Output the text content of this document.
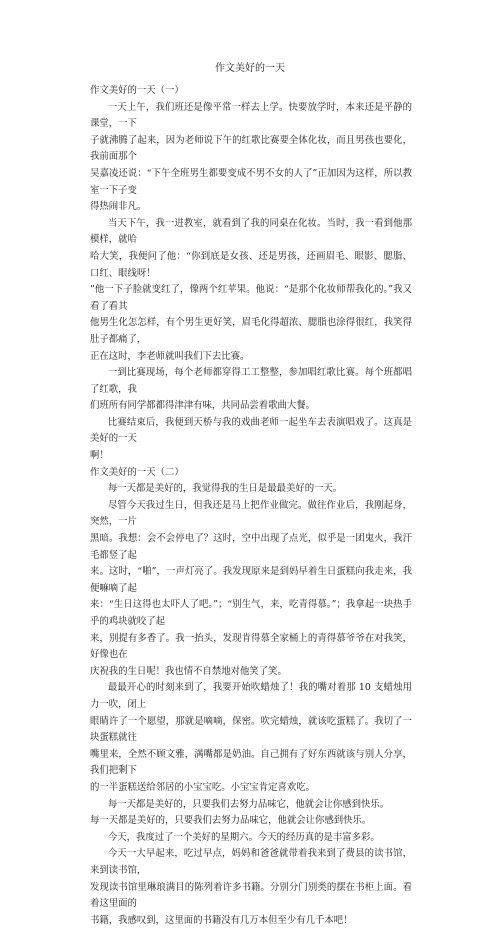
作文美好的一天
作文美好的一天（一）

一天上午，我们班还是像平常一样去上学。快要放学时，本来还是平静的课堂，一下
子就沸腾了起来，因为老师说下午的红歌比赛要全体化妆，而且男孩也要化，我前面那个
吴嘉凌还说：“下午全班男生都要变成不男不女的人了”正加因为这样，所以教室一下子变
得热闹非凡。

当天下午，我一进教室，就看到了我的同桌在化妆。当时，我一看到他那模样，就哈
哈大笑，我便问了他：“你到底是女孩、还是男孩，还画眉毛、眼影、腮脂、口红、眼线呀！
”他一下子脸就变红了，像两个红苹果。他说：“是那个化妆师帮我化的。”我又看了看其
他男生化怎怎样，有个男生更好笑，眉毛化得超浓、腮脂也涂得很红，我笑得肚子都痛了，
正在这时，李老师就叫我们下去比赛。

一到比赛现场，每个老师都穿得工工整整，参加唱红歌比赛。每个班都唱了红歌，我
们班所有同学都都得津津有味，共同品尝着歌曲大餐。

比赛结束后，我便到天桥与我的戏曲老师一起坐车去表演唱戏了。这真是美好的一天
啊！

作文美好的一天（二）

每一天都是美好的，我觉得我的生日是最最美好的一天。

尽管今天我过生日，但我还是马上把作业做完。做往作业后，我刚起身，突然，一片
黑暗。我想：会不会停电了？这时，空中出现了点光，似乎是一团鬼火，我汗毛都竖了起
来。这时，“啪”，一声灯亮了。我发现原来是到妈早着生日蛋糕向我走来，我便嘛嘀了起
来：“生日这得也太吓人了吧。”；“别生气，来，吃青得慕。”；我拿起一块热手乎的鸡块就咬了起
来，别提有多香了。我一抬头，发现肯得慕全家桶上的青得慕爷爷在对我笑，好像也在
庆祝我的生日呢！我也情不自禁地对他笑了笑。

最最开心的时刻来到了，我要开始吹蜡烛了！我的嘴对着那 10 支蜡烛用力一吹，闭上
眼睛许了一个愿望，那就是嘀嘀，保密。吹完蜡烛，就该吃蛋糕了。我切了一块蛋糕就往
嘴里来，全然不顾文雅，满嘴都是奶油。自己拥有了好东西就该与别人分享，我们把剩下
的一半蛋糕送给邻居的小宝宝吃。小宝宝肯定喜欢吃。

每一天都是美好的，只要我们去努力品味它，他就会让你感到快乐。

每一天都是美好的，只要我们去努力品味它，他就会让你感到快乐。

今天，我度过了一个美好的星期六。今天的经历真的是丰富多彩。

今天一大早起来，吃过早点，妈妈和爸爸就带着我来到了费县的读书馆，来到读书馆，
发现读书馆里琳琅满目的陈列着许多书籍。分别分门别类的摆在书柜上面。看着这里面的
书籍，我感叹到，这里面的书籍没有几万本但至少有几千本吧！
